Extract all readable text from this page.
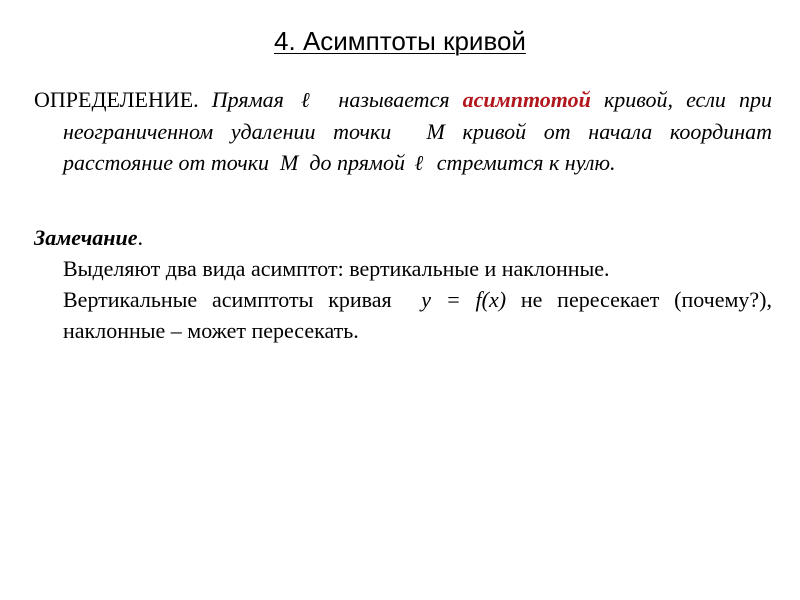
4. Асимптоты кривой

ОПРЕДЕЛЕНИЕ. Прямая ℓ называется асимптотой кривой, если при неограниченном удалении точки M кривой от начала координат расстояние от точки M до прямой ℓ стремится к нулю.

Замечание.

Выделяют два вида асимптот: вертикальные и наклонные.

Вертикальные асимптоты кривая y = f(x) не пересекает (почему?), наклонные – может пересекать.
